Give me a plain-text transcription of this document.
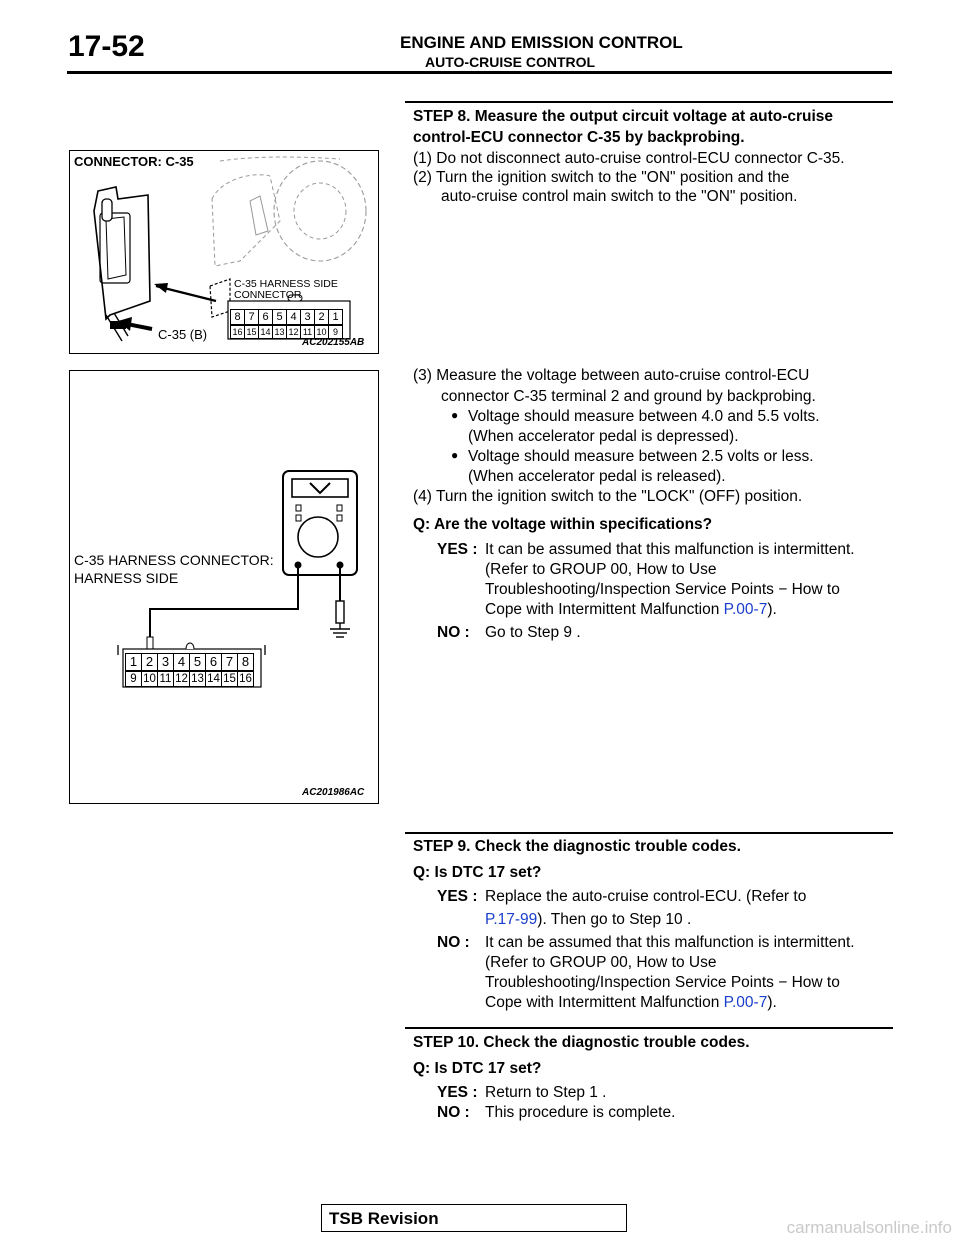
17-52	ENGINE AND EMISSION CONTROL
AUTO-CRUISE CONTROL
STEP 8. Measure the output circuit voltage at auto-cruise
control-ECU connector C-35 by backprobing.
(1) Do not disconnect auto-cruise control-ECU connector C-35.
(2) Turn the ignition switch to the "ON" position and the
auto-cruise control main switch to the "ON" position.
(3) Measure the voltage between auto-cruise control-ECU
connector C-35 terminal 2 and ground by backprobing.
● Voltage should measure between 4.0 and 5.5 volts.
(When accelerator pedal is depressed).
● Voltage should measure between 2.5 volts or less.
(When accelerator pedal is released).
(4) Turn the ignition switch to the "LOCK" (OFF) position.
Q: Are the voltage within specifications?
YES : It can be assumed that this malfunction is intermittent.
(Refer to GROUP 00, How to Use
Troubleshooting/Inspection Service Points − How to
Cope with Intermittent Malfunction P.00-7).
NO : Go to Step 9 .
CONNECTOR: C-35
C-35 HARNESS SIDE
CONNECTOR
C-35 (B)
8 7 6 5 4 3 2 1
16 15 14 13 12 11 10 9
AC202155AB
C-35 HARNESS CONNECTOR:
HARNESS SIDE
1 2 3 4 5 6 7 8
9 10 11 12 13 14 15 16
AC201986AC
STEP 9. Check the diagnostic trouble codes.
Q: Is DTC 17 set?
YES : Replace the auto-cruise control-ECU. (Refer to
P.17-99). Then go to Step 10 .
NO : It can be assumed that this malfunction is intermittent.
(Refer to GROUP 00, How to Use
Troubleshooting/Inspection Service Points − How to
Cope with Intermittent Malfunction P.00-7).
STEP 10. Check the diagnostic trouble codes.
Q: Is DTC 17 set?
YES : Return to Step 1 .
NO : This procedure is complete.
TSB Revision	carmanualsonline.info
